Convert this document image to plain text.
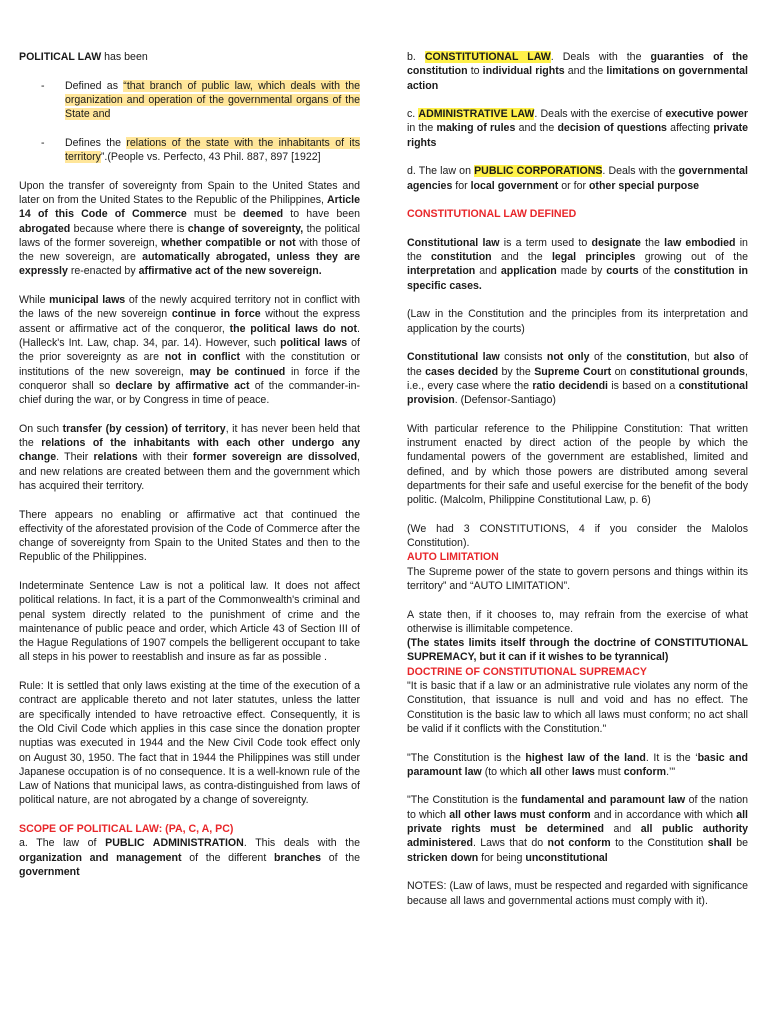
POLITICAL LAW has been

- Defined as “that branch of public law, which deals with the organization and operation of the governmental organs of the State and
- Defines the relations of the state with the inhabitants of its territory”.(People vs. Perfecto, 43 Phil. 887, 897 [1922]

Upon the transfer of sovereignty from Spain to the United States and later on from the United States to the Republic of the Philippines, Article 14 of this Code of Commerce must be deemed to have been abrogated because where there is change of sovereignty, the political laws of the former sovereign, whether compatible or not with those of the new sovereign, are automatically abrogated, unless they are expressly re-enacted by affirmative act of the new sovereign.

While municipal laws of the newly acquired territory not in conflict with the laws of the new sovereign continue in force without the express assent or affirmative act of the conqueror, the political laws do not. (Halleck's Int. Law, chap. 34, par. 14). However, such political laws of the prior sovereignty as are not in conflict with the constitution or institutions of the new sovereign, may be continued in force if the conqueror shall so declare by affirmative act of the commander-in-chief during the war, or by Congress in time of peace.

On such transfer (by cession) of territory, it has never been held that the relations of the inhabitants with each other undergo any change. Their relations with their former sovereign are dissolved, and new relations are created between them and the government which has acquired their territory.

There appears no enabling or affirmative act that continued the effectivity of the aforestated provision of the Code of Commerce after the change of sovereignty from Spain to the United States and then to the Republic of the Philippines.

Indeterminate Sentence Law is not a political law. It does not affect political relations. In fact, it is a part of the Commonwealth's criminal and penal system directly related to the punishment of crime and the maintenance of public peace and order, which Article 43 of Section III of the Hague Regulations of 1907 compels the belligerent occupant to take all steps in his power to reestablish and insure as far as possible .

Rule: It is settled that only laws existing at the time of the execution of a contract are applicable thereto and not later statutes, unless the latter are specifically intended to have retroactive effect. Consequently, it is the Old Civil Code which applies in this case since the donation propter nuptias was executed in 1944 and the New Civil Code took effect only on August 30, 1950. The fact that in 1944 the Philippines was still under Japanese occupation is of no consequence. It is a well-known rule of the Law of Nations that municipal laws, as contra-distinguished from laws of political nature, are not abrogated by a change of sovereignty.

SCOPE OF POLITICAL LAW: (PA, C, A, PC)

a. The law of PUBLIC ADMINISTRATION. This deals with the organization and management of the different branches of the government

b. CONSTITUTIONAL LAW. Deals with the guaranties of the constitution to individual rights and the limitations on governmental action

c. ADMINISTRATIVE LAW. Deals with the exercise of executive power in the making of rules and the decision of questions affecting private rights

d. The law on PUBLIC CORPORATIONS. Deals with the governmental agencies for local government or for other special purpose

CONSTITUTIONAL LAW DEFINED

Constitutional law is a term used to designate the law embodied in the constitution and the legal principles growing out of the interpretation and application made by courts of the constitution in specific cases.

(Law in the Constitution and the principles from its interpretation and application by the courts)

Constitutional law consists not only of the constitution, but also of the cases decided by the Supreme Court on constitutional grounds, i.e., every case where the ratio decidendi is based on a constitutional provision. (Defensor-Santiago)

With particular reference to the Philippine Constitution: That written instrument enacted by direct action of the people by which the fundamental powers of the government are established, limited and defined, and by which those powers are distributed among several departments for their safe and useful exercise for the benefit of the body politic. (Malcolm, Philippine Constitutional Law, p. 6)

(We had 3 CONSTITUTIONS, 4 if you consider the Malolos Constitution).

AUTO LIMITATION

The Supreme power of the state to govern persons and things within its territory” and “AUTO LIMITATION”.

A state then, if it chooses to, may refrain from the exercise of what otherwise is illimitable competence.

(The states limits itself through the doctrine of CONSTITUTIONAL SUPREMACY, but it can if it wishes to be tyrannical)

DOCTRINE OF CONSTITUTIONAL SUPREMACY

"It is basic that if a law or an administrative rule violates any norm of the Constitution, that issuance is null and void and has no effect. The Constitution is the basic law to which all laws must conform; no act shall be valid if it conflicts with the Constitution."

"The Constitution is the highest law of the land. It is the ‘basic and paramount law (to which all other laws must conform.’"

"The Constitution is the fundamental and paramount law of the nation to which all other laws must conform and in accordance with which all private rights must be determined and all public authority administered. Laws that do not conform to the Constitution shall be stricken down for being unconstitutional

NOTES: (Law of laws, must be respected and regarded with significance because all laws and governmental actions must comply with it).
